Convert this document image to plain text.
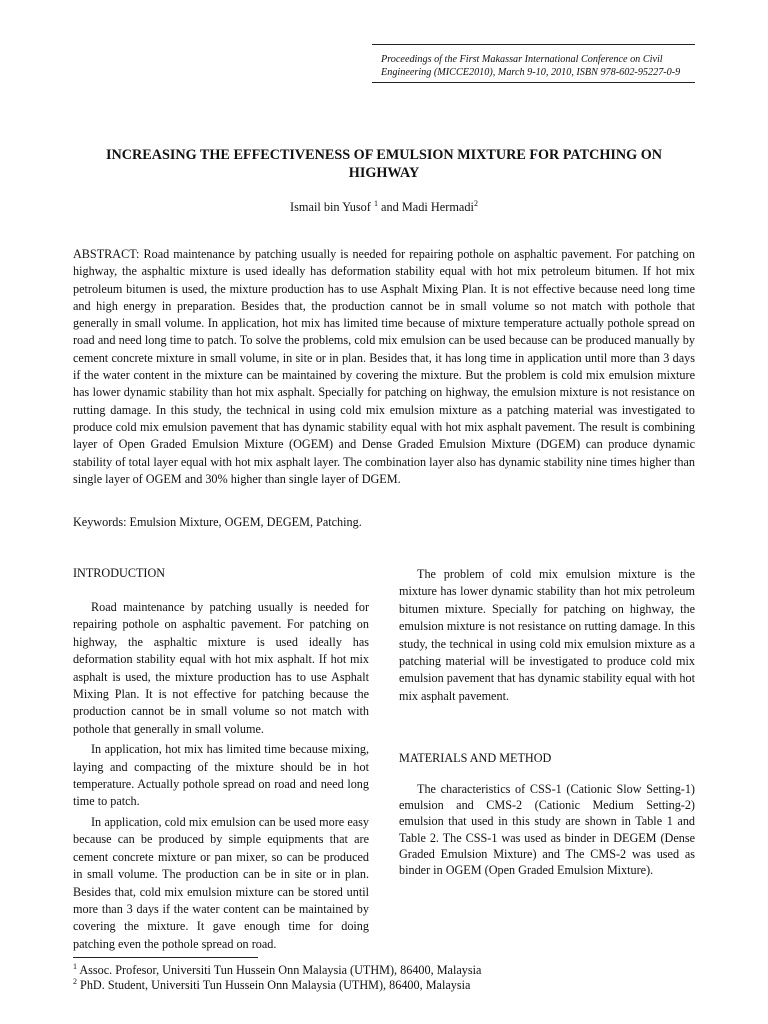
Proceedings of the First Makassar International Conference on Civil Engineering (MICCE2010), March 9-10, 2010, ISBN 978-602-95227-0-9
INCREASING THE EFFECTIVENESS OF EMULSION MIXTURE FOR PATCHING ON HIGHWAY
Ismail bin Yusof $^1$ and Madi Hermadi$^2$
ABSTRACT: Road maintenance by patching usually is needed for repairing pothole on asphaltic pavement. For patching on highway, the asphaltic mixture is used ideally has deformation stability equal with hot mix petroleum bitumen. If hot mix petroleum bitumen is used, the mixture production has to use Asphalt Mixing Plan. It is not effective because need long time and high energy in preparation. Besides that, the production cannot be in small volume so not match with pothole that generally in small volume. In application, hot mix has limited time because of mixture temperature actually pothole spread on road and need long time to patch. To solve the problems, cold mix emulsion can be used because can be produced manually by cement concrete mixture in small volume, in site or in plan. Besides that, it has long time in application until more than 3 days if the water content in the mixture can be maintained by covering the mixture. But the problem is cold mix emulsion mixture has lower dynamic stability than hot mix asphalt. Specially for patching on highway, the emulsion mixture is not resistance on rutting damage. In this study, the technical in using cold mix emulsion mixture as a patching material was investigated to produce cold mix emulsion pavement that has dynamic stability equal with hot mix asphalt pavement. The result is combining layer of Open Graded Emulsion Mixture (OGEM) and Dense Graded Emulsion Mixture (DGEM) can produce dynamic stability of total layer equal with hot mix asphalt layer. The combination layer also has dynamic stability nine times higher than single layer of OGEM and 30% higher than single layer of DGEM.
Keywords: Emulsion Mixture, OGEM, DEGEM, Patching.
INTRODUCTION

Road maintenance by patching usually is needed for repairing pothole on asphaltic pavement. For patching on highway, the asphaltic mixture is used ideally has deformation stability equal with hot mix asphalt. If hot mix asphalt is used, the mixture production has to use Asphalt Mixing Plan. It is not effective for patching because the production cannot be in small volume so not match with pothole that generally in small volume.

In application, hot mix has limited time because mixing, laying and compacting of the mixture should be in hot temperature. Actually pothole spread on road and need long time to patch.

In application, cold mix emulsion can be used more easy because can be produced by simple equipments that are cement concrete mixture or pan mixer, so can be produced in small volume. The production can be in site or in plan. Besides that, cold mix emulsion mixture can be stored until more than 3 days if the water content can be maintained by covering the mixture. It gave enough time for doing patching even the pothole spread on road.

The problem of cold mix emulsion mixture is the mixture has lower dynamic stability than hot mix petroleum bitumen mixture. Specially for patching on highway, the emulsion mixture is not resistance on rutting damage. In this study, the technical in using cold mix emulsion mixture as a patching material will be investigated to produce cold mix emulsion pavement that has dynamic stability equal with hot mix asphalt pavement.

MATERIALS AND METHOD

The characteristics of CSS-1 (Cationic Slow Setting-1) emulsion and CMS-2 (Cationic Medium Setting-2) emulsion that used in this study are shown in Table 1 and Table 2. The CSS-1 was used as binder in DEGEM (Dense Graded Emulsion Mixture) and The CMS-2 was used as binder in OGEM (Open Graded Emulsion Mixture).

$^1$ Assoc. Profesor, Universiti Tun Hussein Onn Malaysia (UTHM), 86400, Malaysia
$^2$ PhD. Student, Universiti Tun Hussein Onn Malaysia (UTHM), 86400, Malaysia
